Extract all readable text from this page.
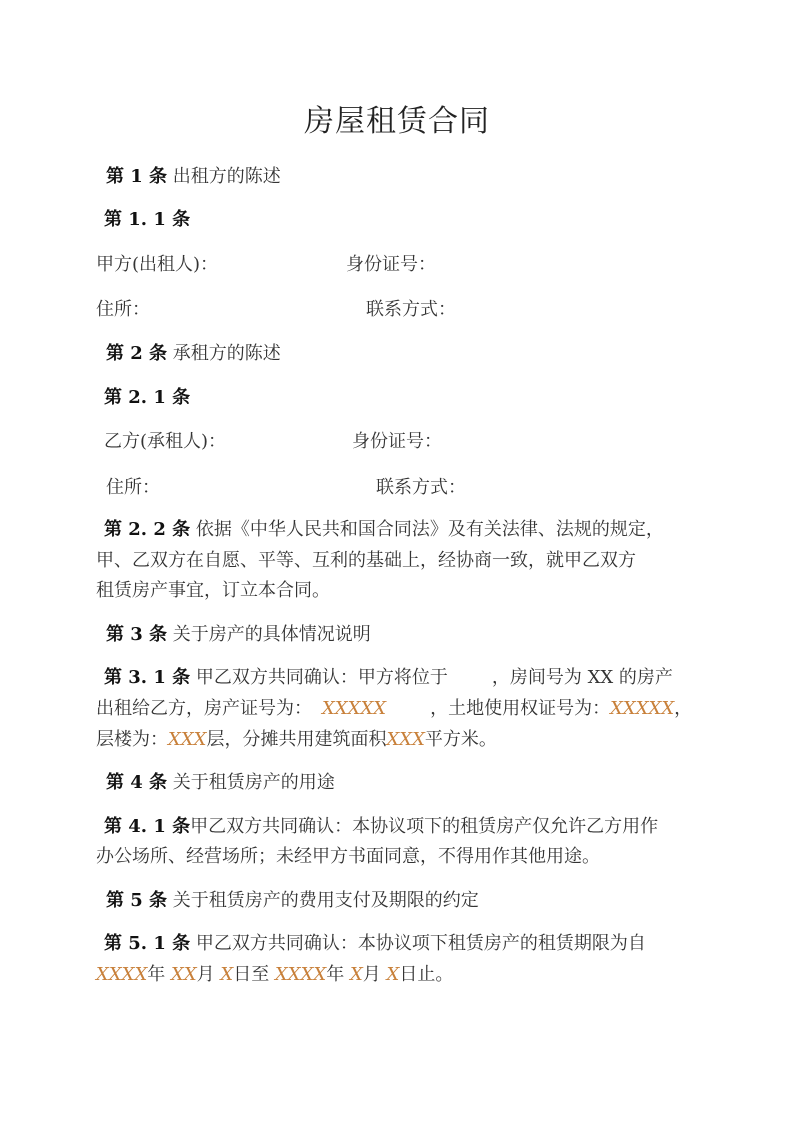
房屋租赁合同
第 1 条 出租方的陈述
第 1. 1 条
甲方(出租人)：	身份证号：
住所：	联系方式：
第 2 条 承租方的陈述
第 2. 1 条
乙方(承租人)：	身份证号：
住所：	联系方式：
第 2. 2 条 依据《中华人民共和国合同法》及有关法律、法规的规定，
甲、乙双方在自愿、平等、互利的基础上，经协商一致，就甲乙双方
租赁房产事宜，订立本合同。
第 3 条 关于房产的具体情况说明
第 3. 1 条 甲乙双方共同确认：甲方将位于 ，房间号为 XX 的房产
出租给乙方，房产证号为： XXXXX ，土地使用权证号为：XXXXX，
层楼为：XXX层，分摊共用建筑面积XXX平方米。
第 4 条 关于租赁房产的用途
第 4. 1 条甲乙双方共同确认：本协议项下的租赁房产仅允许乙方用作
办公场所、经营场所；未经甲方书面同意，不得用作其他用途。
第 5 条 关于租赁房产的费用支付及期限的约定
第 5. 1 条 甲乙双方共同确认：本协议项下租赁房产的租赁期限为自
XXXX年 XX月 X日至 XXXX年 X月 X日止。
